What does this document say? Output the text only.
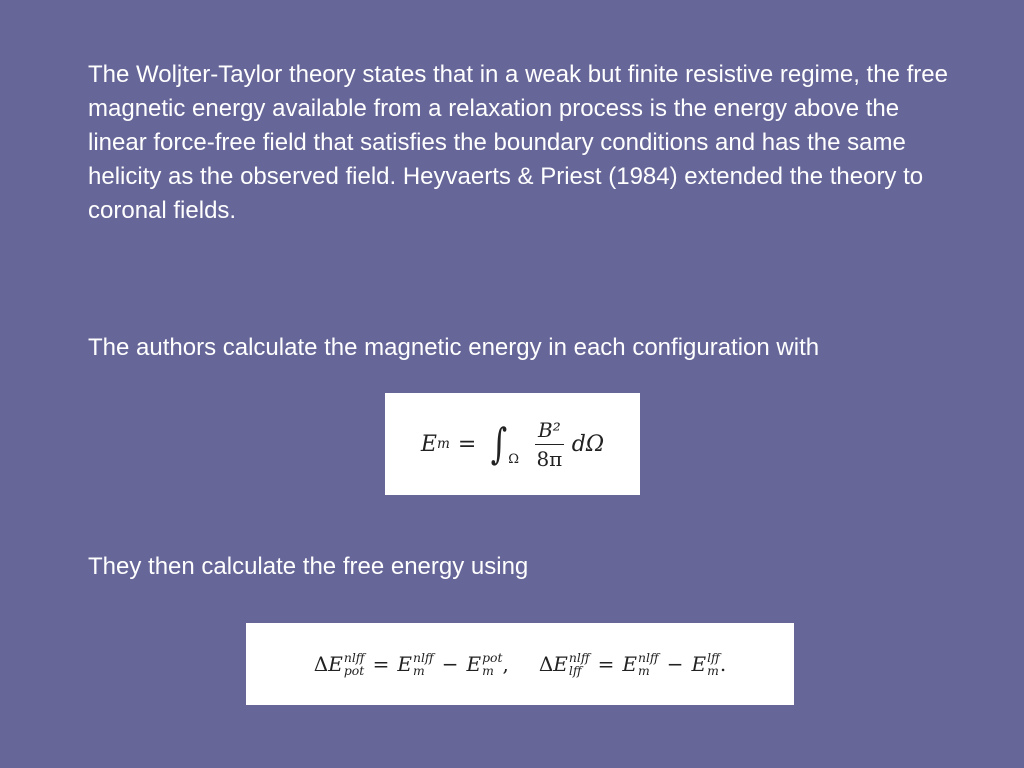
The Woljter-Taylor theory states that in a weak but finite resistive regime, the free magnetic energy available from a relaxation process is the energy above the linear force-free field that satisfies the boundary conditions and has the same helicity as the observed field. Heyvaerts & Priest (1984) extended the theory to coronal fields.

The authors calculate the magnetic energy in each configuration with

E m = ∫ Ω $\frac{\text{B²}}{8\pi}$ dΩ

They then calculate the free energy using

Δ E nlff
pot = E nlff
m − E pot
m , Δ E nlff
lff = E nlff
m − E lff
m .
